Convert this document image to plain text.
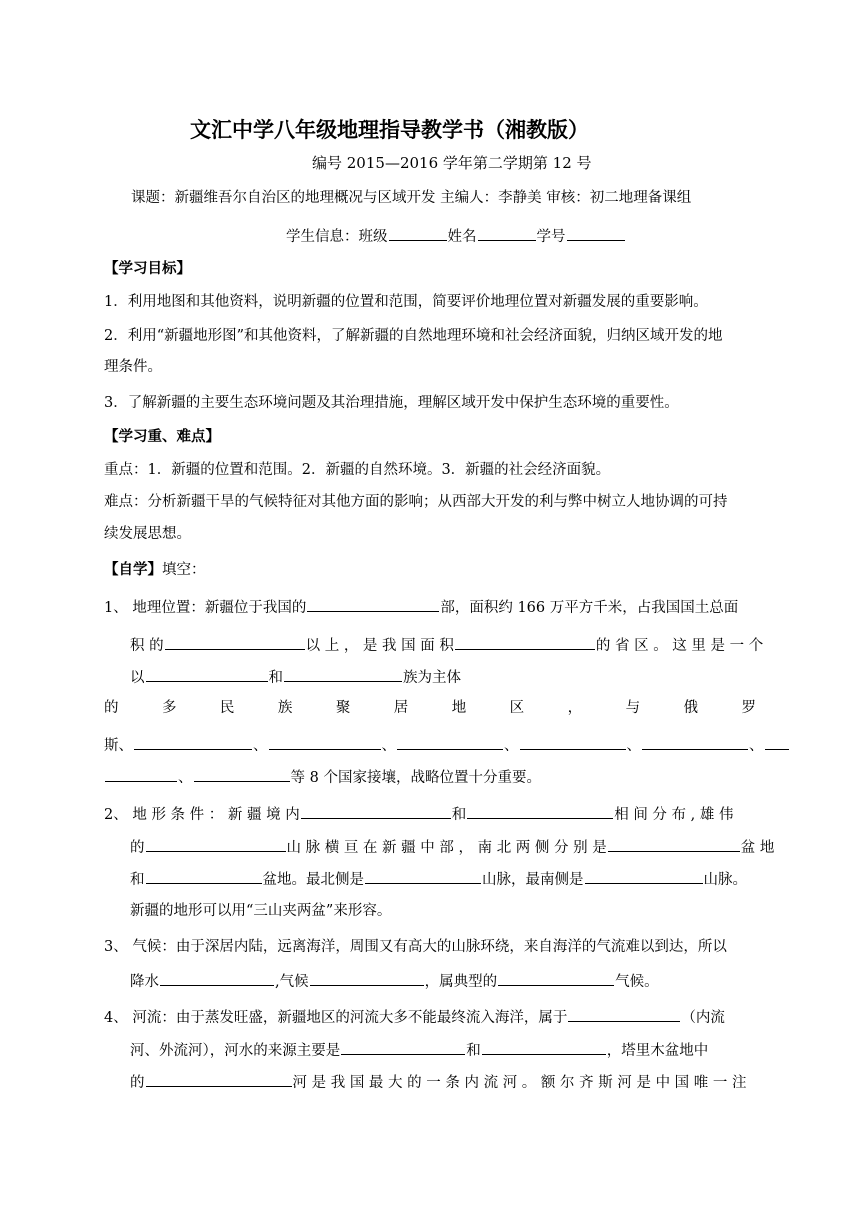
文汇中学八年级地理指导教学书（湘教版）
编号 2015—2016 学年第二学期第 12 号
课题：新疆维吾尔自治区的地理概况与区域开发 主编人：李静美 审核：初二地理备课组
学生信息：班级	姓名	学号
【学习目标】
1．利用地图和其他资料，说明新疆的位置和范围，简要评价地理位置对新疆发展的重要影响。
2．利用“新疆地形图”和其他资料，了解新疆的自然地理环境和社会经济面貌，归纳区域开发的地
理条件。
3．了解新疆的主要生态环境问题及其治理措施，理解区域开发中保护生态环境的重要性。
【学习重、难点】
重点：1．新疆的位置和范围。2．新疆的自然环境。3．新疆的社会经济面貌。
难点：分析新疆干旱的气候特征对其他方面的影响；从西部大开发的利与弊中树立人地协调的可持
续发展思想。
【自学】填空：
1、 地理位置：新疆位于我国的	部，面积约 166 万平方千米，占我国国土总面
积 的	以 上 ， 是 我 国 面 积	的 省 区 。 这 里 是 一 个
以	和	族为主体
的	多	民	族	聚	居	地	区	，	与	俄	罗
斯、	、	、	、	、	、
、	等 8 个国家接壤，战略位置十分重要。
2、 地 形 条 件 ： 新 疆 境 内	和	相 间 分 布 , 雄 伟
的	山 脉 横 亘 在 新 疆 中 部 ， 南 北 两 侧 分 别 是	盆 地
和	盆地。最北侧是	山脉，最南侧是	山脉。
新疆的地形可以用“三山夹两盆”来形容。
3、 气候：由于深居内陆，远离海洋，周围又有高大的山脉环绕，来自海洋的气流难以到达，所以
降水	,气候	，属典型的	气候。
4、 河流：由于蒸发旺盛，新疆地区的河流大多不能最终流入海洋，属于	（内流
河、外流河），河水的来源主要是	和	，塔里木盆地中
的	河 是 我 国 最 大 的 一 条 内 流 河 。 额 尔 齐 斯 河 是 中 国 唯 一 注
